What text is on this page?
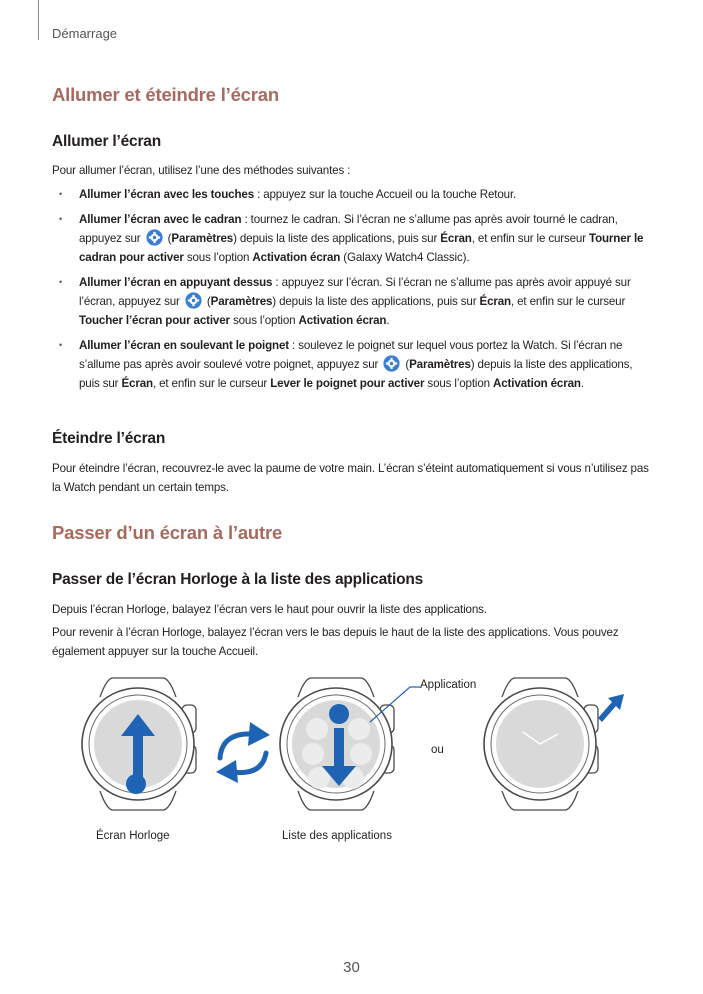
Démarrage
Allumer et éteindre l’écran
Allumer l’écran
Pour allumer l’écran, utilisez l’une des méthodes suivantes :
• Allumer l’écran avec les touches : appuyez sur la touche Accueil ou la touche Retour.
• Allumer l’écran avec le cadran : tournez le cadran. Si l’écran ne s’allume pas après avoir tourné le cadran, appuyez sur  (Paramètres) depuis la liste des applications, puis sur Écran, et enfin sur le curseur Tourner le cadran pour activer sous l’option Activation écran (Galaxy Watch4 Classic).
• Allumer l’écran en appuyant dessus : appuyez sur l’écran. Si l’écran ne s’allume pas après avoir appuyé sur l’écran, appuyez sur  (Paramètres) depuis la liste des applications, puis sur Écran, et enfin sur le curseur Toucher l’écran pour activer sous l’option Activation écran.
• Allumer l’écran en soulevant le poignet : soulevez le poignet sur lequel vous portez la Watch. Si l’écran ne s’allume pas après avoir soulevé votre poignet, appuyez sur  (Paramètres) depuis la liste des applications, puis sur Écran, et enfin sur le curseur Lever le poignet pour activer sous l’option Activation écran.
Éteindre l’écran
Pour éteindre l’écran, recouvrez-le avec la paume de votre main. L’écran s’éteint automatiquement si vous n’utilisez pas la Watch pendant un certain temps.
Passer d’un écran à l’autre
Passer de l’écran Horloge à la liste des applications
Depuis l’écran Horloge, balayez l’écran vers le haut pour ouvrir la liste des applications.
Pour revenir à l’écran Horloge, balayez l’écran vers le bas depuis le haut de la liste des applications. Vous pouvez également appuyer sur la touche Accueil.
Application
ou
Écran Horloge	Liste des applications
30
